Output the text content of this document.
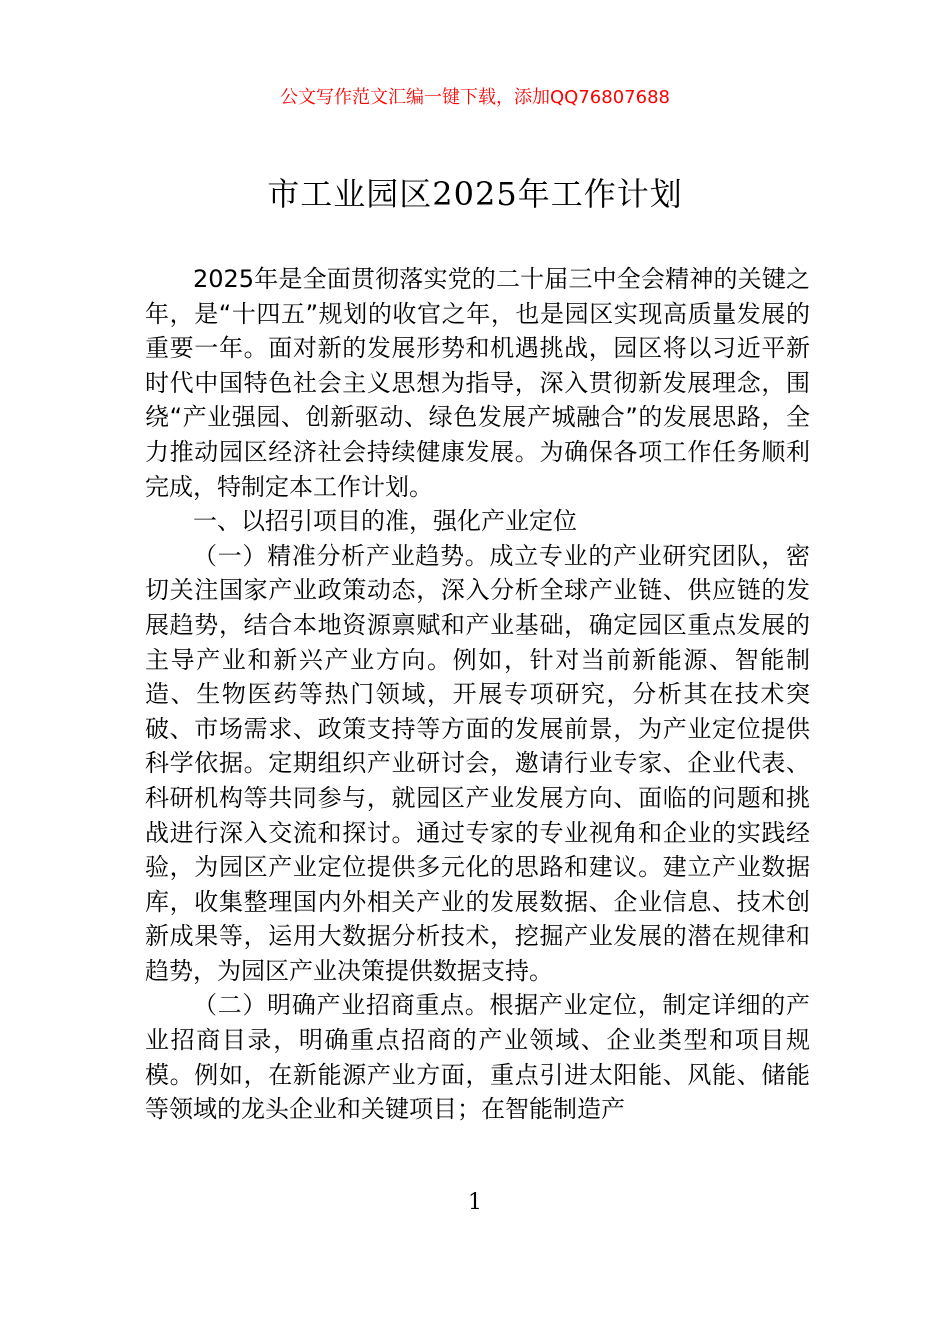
公文写作范文汇编一键下载，添加QQ76807688
市工业园区2025年工作计划

2025年是全面贯彻落实党的二十届三中全会精神的关键之年，是“十四五”规划的收官之年，也是园区实现高质量发展的重要一年。面对新的发展形势和机遇挑战，园区将以习近平新时代中国特色社会主义思想为指导，深入贯彻新发展理念，围绕“产业强园、创新驱动、绿色发展产城融合”的发展思路，全力推动园区经济社会持续健康发展。为确保各项工作任务顺利完成，特制定本工作计划。

一、以招引项目的准，强化产业定位

（一）精准分析产业趋势。成立专业的产业研究团队，密切关注国家产业政策动态，深入分析全球产业链、供应链的发展趋势，结合本地资源禀赋和产业基础，确定园区重点发展的主导产业和新兴产业方向。例如，针对当前新能源、智能制造、生物医药等热门领域，开展专项研究，分析其在技术突破、市场需求、政策支持等方面的发展前景，为产业定位提供科学依据。定期组织产业研讨会，邀请行业专家、企业代表、科研机构等共同参与，就园区产业发展方向、面临的问题和挑战进行深入交流和探讨。通过专家的专业视角和企业的实践经验，为园区产业定位提供多元化的思路和建议。建立产业数据库，收集整理国内外相关产业的发展数据、企业信息、技术创新成果等，运用大数据分析技术，挖掘产业发展的潜在规律和趋势，为园区产业决策提供数据支持。

（二）明确产业招商重点。根据产业定位，制定详细的产业招商目录，明确重点招商的产业领域、企业类型和项目规模。例如，在新能源产业方面，重点引进太阳能、风能、储能等领域的龙头企业和关键项目；在智能制造产

1
